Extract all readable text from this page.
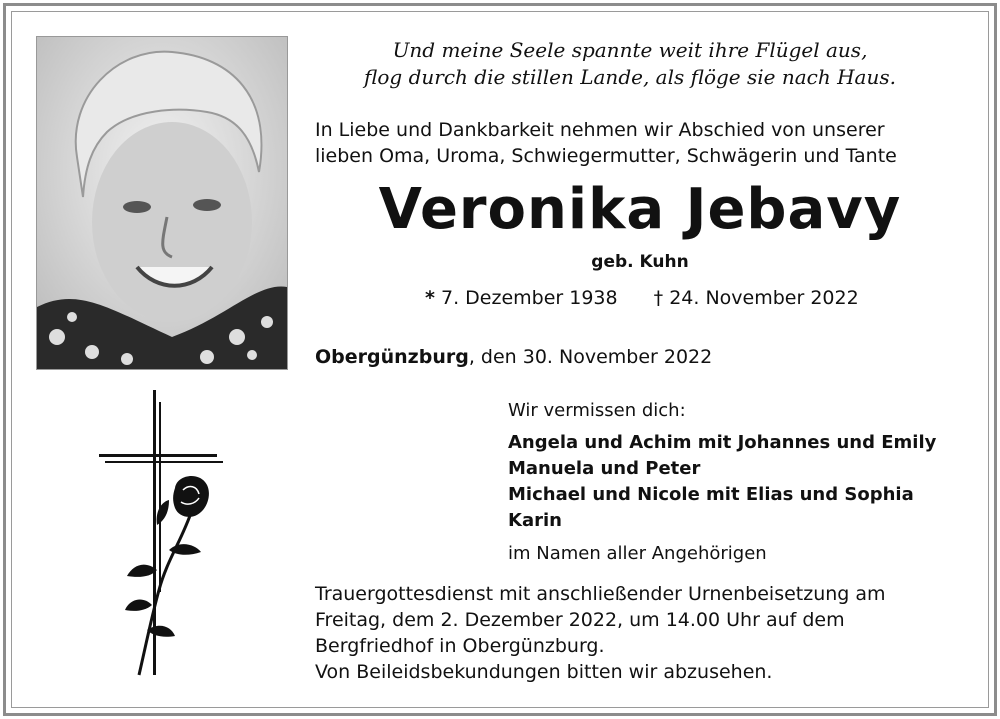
Und meine Seele spannte weit ihre Flügel aus,
flog durch die stillen Lande, als flöge sie nach Haus.
In Liebe und Dankbarkeit nehmen wir Abschied von unserer
lieben Oma, Uroma, Schwiegermutter, Schwägerin und Tante
Veronika Jebavy
geb. Kuhn
* 7. Dezember 1938 † 24. November 2022
Obergünzburg, den 30. November 2022
Wir vermissen dich:
Angela und Achim mit Johannes und Emily
Manuela und Peter
Michael und Nicole mit Elias und Sophia
Karin
im Namen aller Angehörigen
Trauergottesdienst mit anschließender Urnenbeisetzung am
Freitag, dem 2. Dezember 2022, um 14.00 Uhr auf dem
Bergfriedhof in Obergünzburg.
Von Beileidsbekundungen bitten wir abzusehen.
